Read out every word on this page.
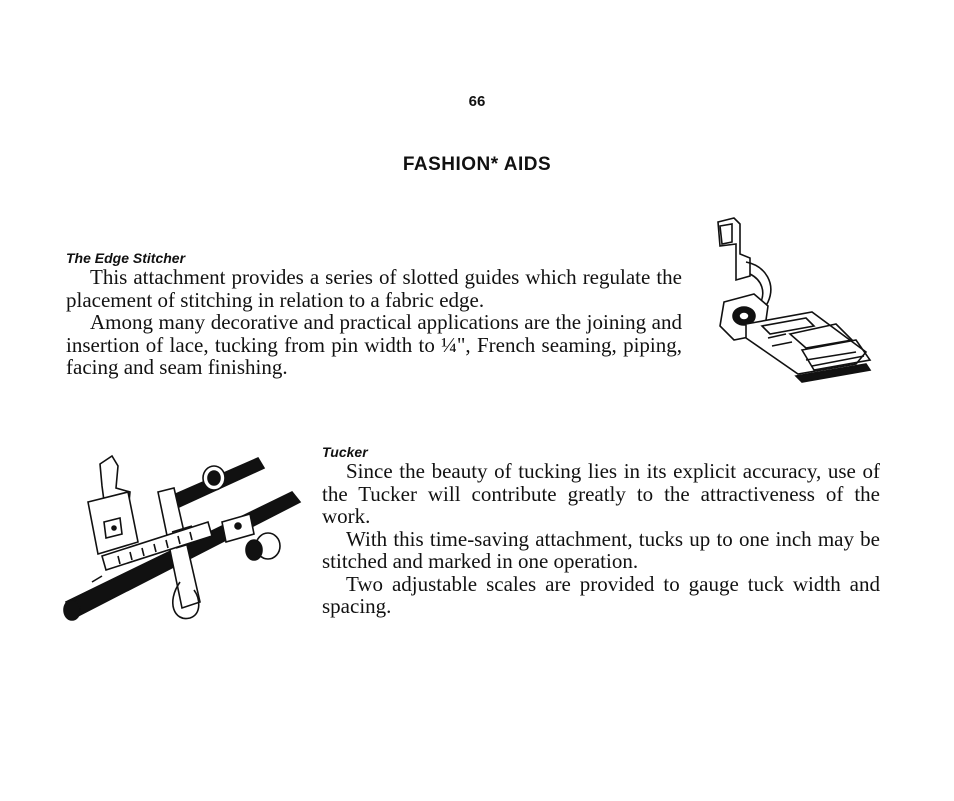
66
FASHION* AIDS
The Edge Stitcher

This attachment provides a series of slotted guides which regulate the placement of stitching in relation to a fabric edge.

Among many decorative and practical applications are the joining and insertion of lace, tucking from pin width to ¼", French seaming, piping, facing and seam finishing.

Tucker

Since the beauty of tucking lies in its explicit accuracy, use of the Tucker will contribute greatly to the attractiveness of the work.

With this time-saving attachment, tucks up to one inch may be stitched and marked in one operation.

Two adjustable scales are provided to gauge tuck width and spacing.
